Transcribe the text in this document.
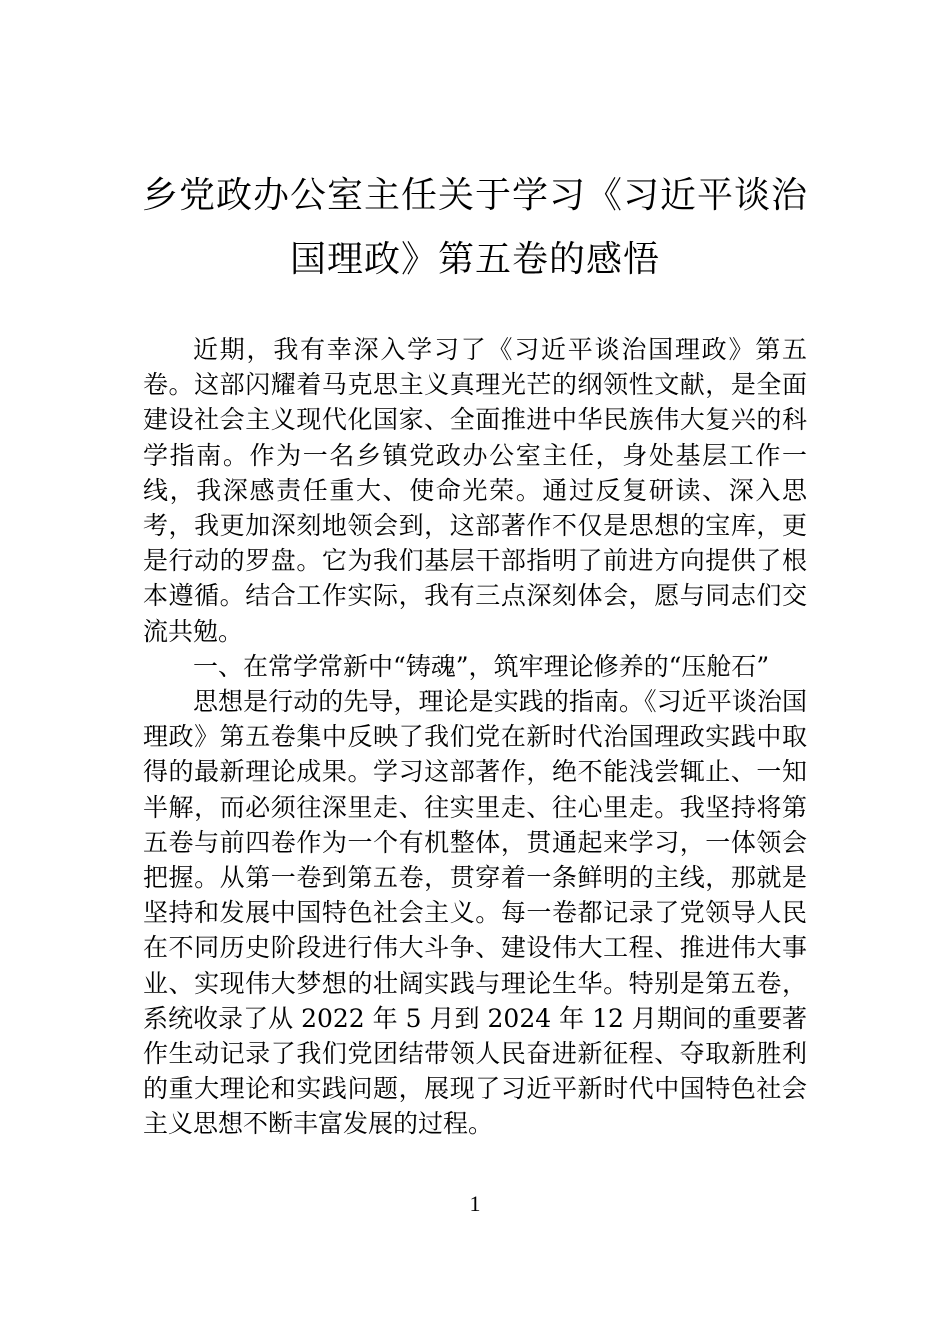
乡党政办公室主任关于学习《习近平谈治
国理政》第五卷的感悟

近期，我有幸深入学习了《习近平谈治国理政》第五卷。这部闪耀着马克思主义真理光芒的纲领性文献，是全面建设社会主义现代化国家、全面推进中华民族伟大复兴的科学指南。作为一名乡镇党政办公室主任，身处基层工作一线，我深感责任重大、使命光荣。通过反复研读、深入思考，我更加深刻地领会到，这部著作不仅是思想的宝库，更是行动的罗盘。它为我们基层干部指明了前进方向提供了根本遵循。结合工作实际，我有三点深刻体会，愿与同志们交流共勉。

一、在常学常新中“铸魂”，筑牢理论修养的“压舱石”

思想是行动的先导，理论是实践的指南。《习近平谈治国理政》第五卷集中反映了我们党在新时代治国理政实践中取得的最新理论成果。学习这部著作，绝不能浅尝辄止、一知半解，而必须往深里走、往实里走、往心里走。我坚持将第五卷与前四卷作为一个有机整体，贯通起来学习，一体领会把握。从第一卷到第五卷，贯穿着一条鲜明的主线，那就是坚持和发展中国特色社会主义。每一卷都记录了党领导人民在不同历史阶段进行伟大斗争、建设伟大工程、推进伟大事业、实现伟大梦想的壮阔实践与理论生华。特别是第五卷，系统收录了从 2022 年 5 月到 2024 年 12 月期间的重要著作生动记录了我们党团结带领人民奋进新征程、夺取新胜利的重大理论和实践问题，展现了习近平新时代中国特色社会主义思想不断丰富发展的过程。

1
